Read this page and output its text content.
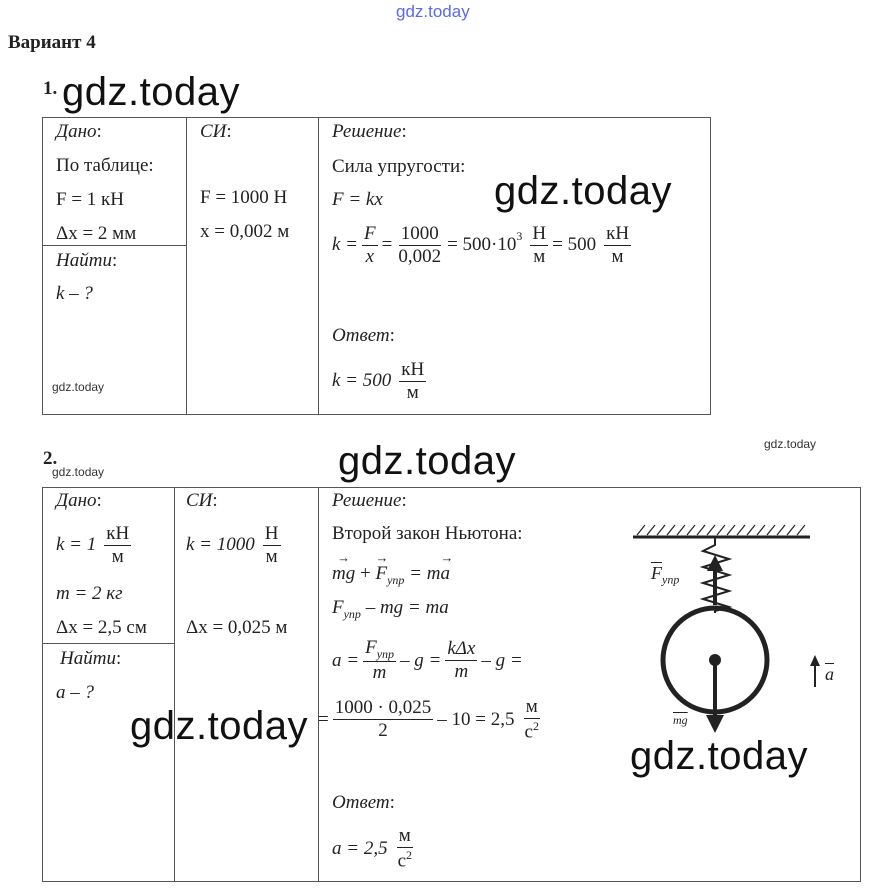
gdz.today
Вариант 4
1. gdz.today
Дано:
По таблице:
F = 1 кН
Δx = 2 мм
Найти:
k – ?
gdz.today
СИ:
F = 1000 Н
x = 0,002 м
Решение:
Сила упругости:
gdz.today
F = kx
$k = \frac{F}{x} = \frac{1000}{0,002} = 500\cdot 10^3 \frac{Н}{м} = 500 \frac{кН}{м}$
Ответ:
$k = 500 \frac{кН}{м}$
gdz.today
2.
gdz.today	gdz.today
Дано:
$k = 1 \frac{кН}{м}$
m = 2 кг
Δx = 2,5 см
Найти:
a – ?
СИ:
$k = 1000 \frac{Н}{м}$
Δx = 0,025 м
Решение:
Второй закон Ньютона:
→ mg + → $F_{упр} = m\to a$
$F_{упр}$ – mg = ma
$a = \frac{F_{упр}}{m} - g = \frac{\text{kΔx}}{m} - g$ =
= $\frac{1000 \cdot 0,025}{2} - 10 = 2,5 \frac{м}{с^2}$
gdz.today
Ответ:
$a = 2,5 \frac{м}{с^2}$
$\overline{F}_{упр}$
$\overline{mg}$
$\overline{a}$
gdz.today
